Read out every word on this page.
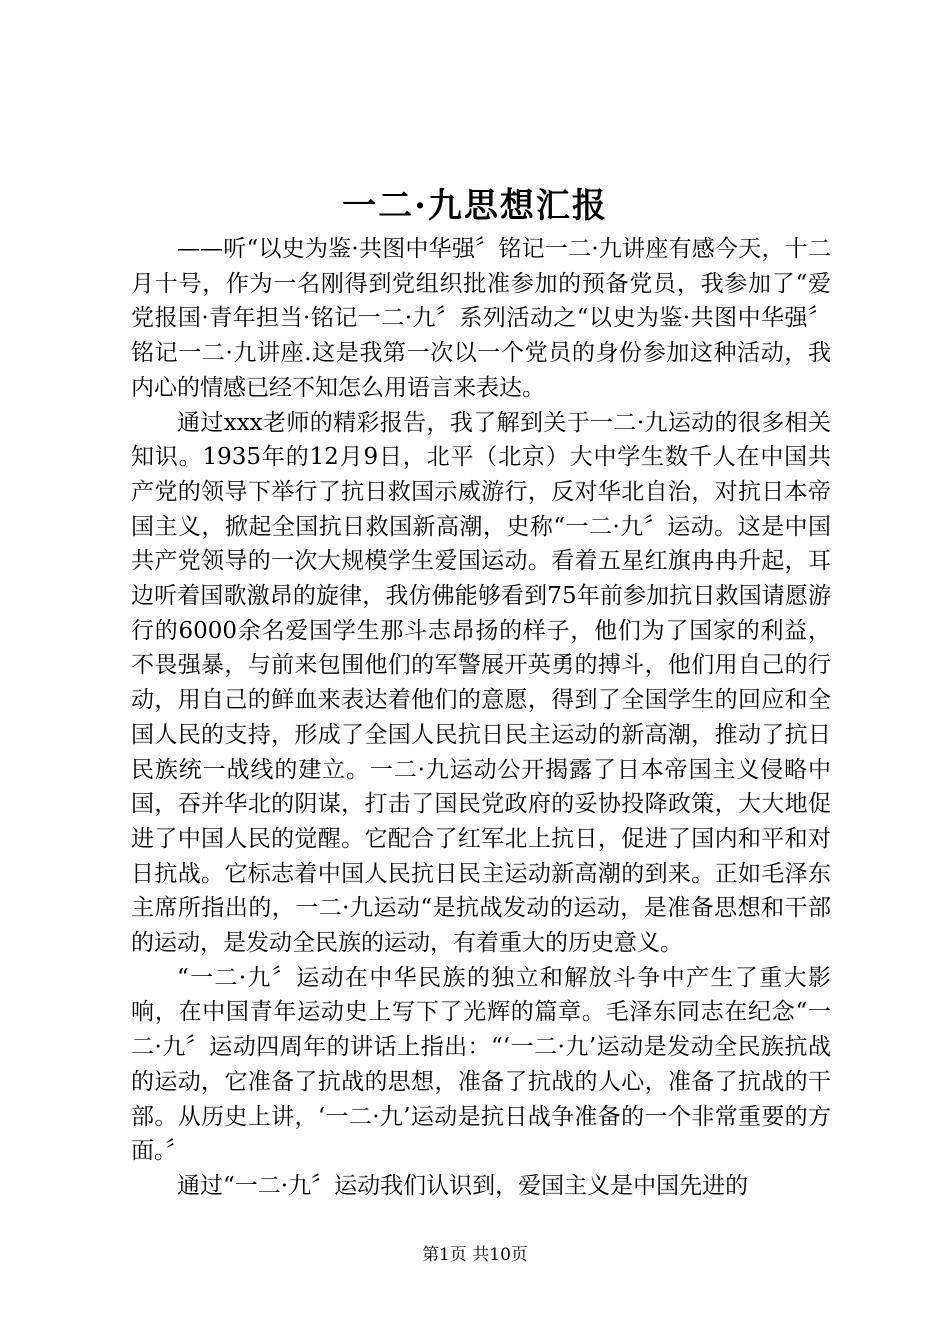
一二·九思想汇报

——听“以史为鉴·共图中华强〞铭记一二·九讲座有感今天，十二月十号，作为一名刚得到党组织批准参加的预备党员，我参加了“爱党报国·青年担当·铭记一二·九〞系列活动之“以史为鉴·共图中华强〞铭记一二·九讲座.这是我第一次以一个党员的身份参加这种活动，我内心的情感已经不知怎么用语言来表达。

通过xxx老师的精彩报告，我了解到关于一二·九运动的很多相关知识。1935年的12月9日，北平（北京）大中学生数千人在中国共产党的领导下举行了抗日救国示威游行，反对华北自治，对抗日本帝国主义，掀起全国抗日救国新高潮，史称“一二·九〞运动。这是中国共产党领导的一次大规模学生爱国运动。看着五星红旗冉冉升起，耳边听着国歌激昂的旋律，我仿佛能够看到75年前参加抗日救国请愿游行的6000余名爱国学生那斗志昂扬的样子，他们为了国家的利益，不畏强暴，与前来包围他们的军警展开英勇的搏斗，他们用自己的行动，用自己的鲜血来表达着他们的意愿，得到了全国学生的回应和全国人民的支持，形成了全国人民抗日民主运动的新高潮，推动了抗日民族统一战线的建立。一二·九运动公开揭露了日本帝国主义侵略中国，吞并华北的阴谋，打击了国民党政府的妥协投降政策，大大地促进了中国人民的觉醒。它配合了红军北上抗日，促进了国内和平和对日抗战。它标志着中国人民抗日民主运动新高潮的到来。正如毛泽东主席所指出的，一二·九运动“是抗战发动的运动，是准备思想和干部的运动，是发动全民族的运动，有着重大的历史意义。

“一二·九〞运动在中华民族的独立和解放斗争中产生了重大影响，在中国青年运动史上写下了光辉的篇章。毛泽东同志在纪念“一二·九〞运动四周年的讲话上指出：“‘一二·九’运动是发动全民族抗战的运动，它准备了抗战的思想，准备了抗战的人心，准备了抗战的干部。从历史上讲，‘一二·九’运动是抗日战争准备的一个非常重要的方面。〞

通过“一二·九〞运动我们认识到，爱国主义是中国先进的

第1页 共10页
